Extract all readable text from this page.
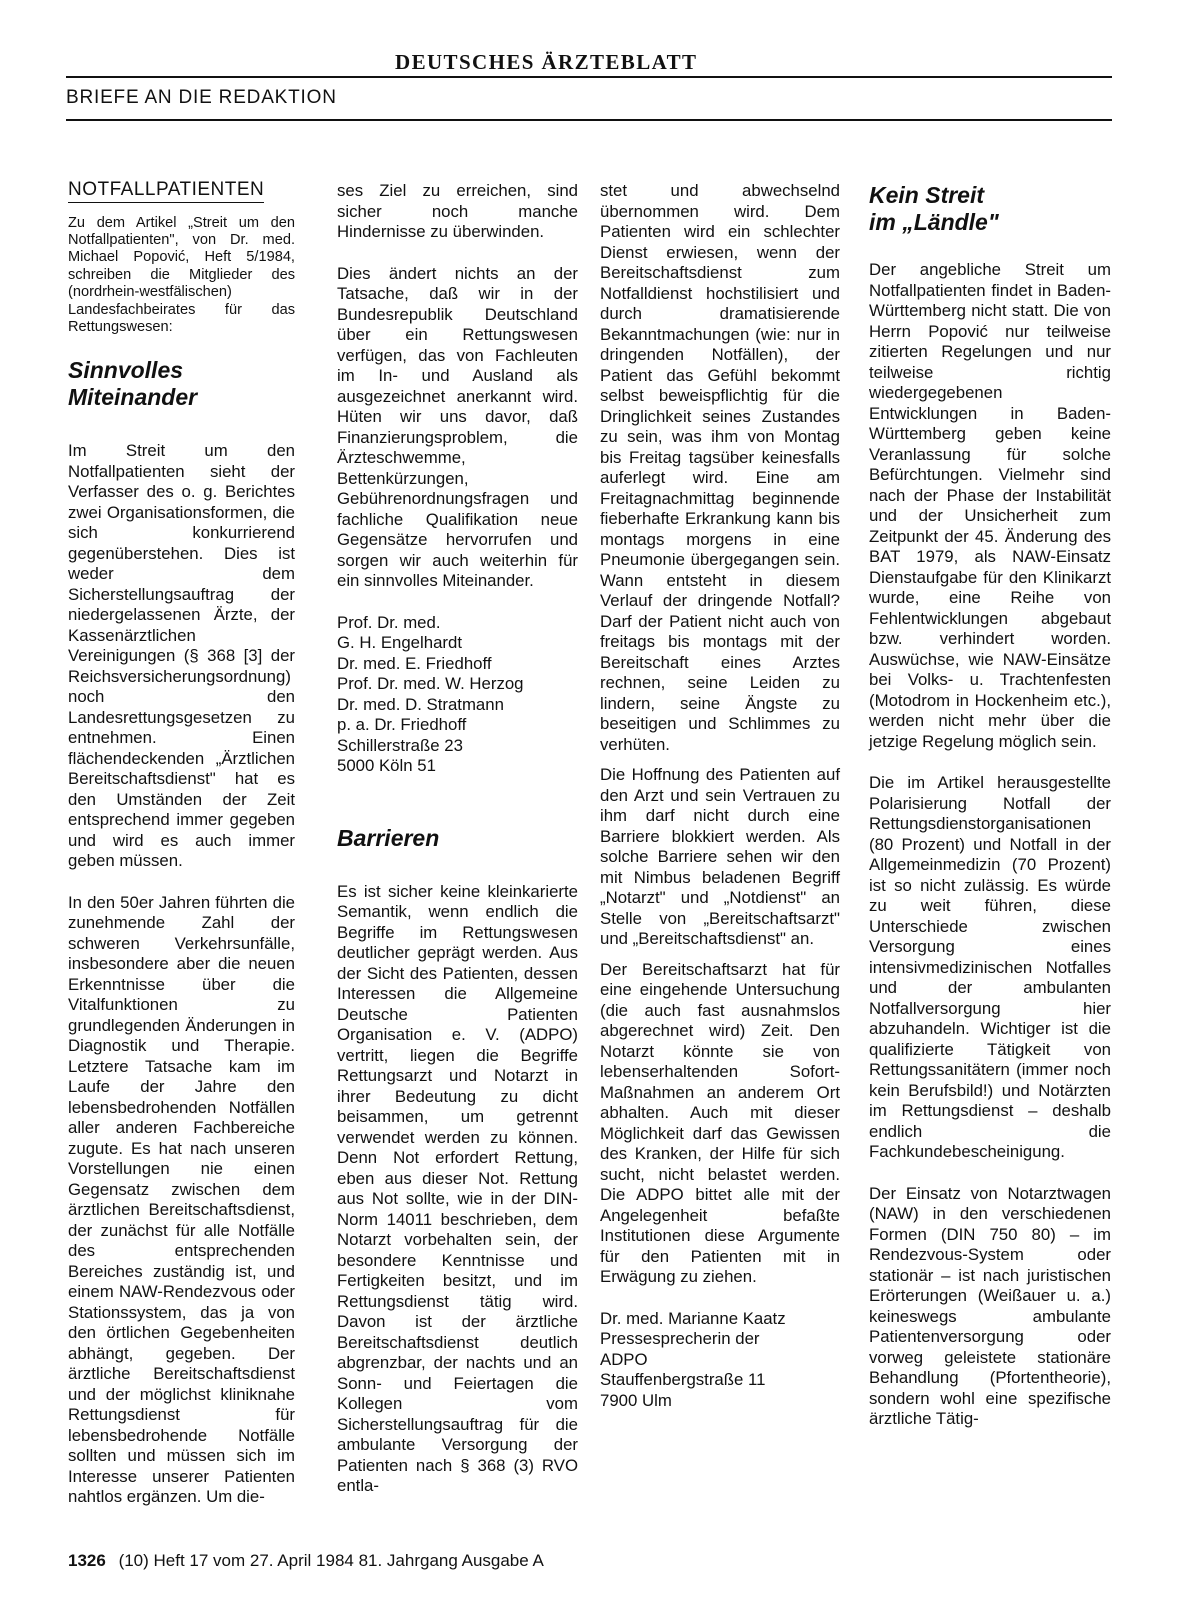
DEUTSCHES ÄRZTEBLATT
BRIEFE AN DIE REDAKTION
NOTFALLPATIENTEN

Zu dem Artikel „Streit um den Notfallpatienten", von Dr. med. Michael Popović, Heft 5/1984, schreiben die Mitglieder des (nordrhein-westfälischen) Landesfachbeirates für das Rettungswesen:

Sinnvolles Miteinander

Im Streit um den Notfallpatienten sieht der Verfasser des o. g. Berichtes zwei Organisationsformen, die sich konkurrierend gegenüberstehen. Dies ist weder dem Sicherstellungsauftrag der niedergelassenen Ärzte, der Kassenärztlichen Vereinigungen (§ 368 [3] der Reichsversicherungsordnung) noch den Landesrettungsgesetzen zu entnehmen. Einen flächendeckenden „Ärztlichen Bereitschaftsdienst" hat es den Umständen der Zeit entsprechend immer gegeben und wird es auch immer geben müssen.

In den 50er Jahren führten die zunehmende Zahl der schweren Verkehrsunfälle, insbesondere aber die neuen Erkenntnisse über die Vitalfunktionen zu grundlegenden Änderungen in Diagnostik und Therapie. Letztere Tatsache kam im Laufe der Jahre den lebensbedrohenden Notfällen aller anderen Fachbereiche zugute. Es hat nach unseren Vorstellungen nie einen Gegensatz zwischen dem ärztlichen Bereitschaftsdienst, der zunächst für alle Notfälle des entsprechenden Bereiches zuständig ist, und einem NAW-Rendezvous oder Stationssystem, das ja von den örtlichen Gegebenheiten abhängt, gegeben. Der ärztliche Bereitschaftsdienst und der möglichst kliniknahe Rettungsdienst für lebensbedrohende Notfälle sollten und müssen sich im Interesse unserer Patienten nahtlos ergänzen. Um die-

ses Ziel zu erreichen, sind sicher noch manche Hindernisse zu überwinden.

Dies ändert nichts an der Tatsache, daß wir in der Bundesrepublik Deutschland über ein Rettungswesen verfügen, das von Fachleuten im In- und Ausland als ausgezeichnet anerkannt wird. Hüten wir uns davor, daß Finanzierungsproblem, die Ärzteschwemme, Bettenkürzungen, Gebührenordnungsfragen und fachliche Qualifikation neue Gegensätze hervorrufen und sorgen wir auch weiterhin für ein sinnvolles Miteinander.

Prof. Dr. med.
G. H. Engelhardt
Dr. med. E. Friedhoff
Prof. Dr. med. W. Herzog
Dr. med. D. Stratmann
p. a. Dr. Friedhoff
Schillerstraße 23
5000 Köln 51

Barrieren

Es ist sicher keine kleinkarierte Semantik, wenn endlich die Begriffe im Rettungswesen deutlicher geprägt werden. Aus der Sicht des Patienten, dessen Interessen die Allgemeine Deutsche Patienten Organisation e. V. (ADPO) vertritt, liegen die Begriffe Rettungsarzt und Notarzt in ihrer Bedeutung zu dicht beisammen, um getrennt verwendet werden zu können. Denn Not erfordert Rettung, eben aus dieser Not. Rettung aus Not sollte, wie in der DIN-Norm 14011 beschrieben, dem Notarzt vorbehalten sein, der besondere Kenntnisse und Fertigkeiten besitzt, und im Rettungsdienst tätig wird. Davon ist der ärztliche Bereitschaftsdienst deutlich abgrenzbar, der nachts und an Sonn- und Feiertagen die Kollegen vom Sicherstellungsauftrag für die ambulante Versorgung der Patienten nach § 368 (3) RVO entla-

stet und abwechselnd übernommen wird. Dem Patienten wird ein schlechter Dienst erwiesen, wenn der Bereitschaftsdienst zum Notfalldienst hochstilisiert und durch dramatisierende Bekanntmachungen (wie: nur in dringenden Notfällen), der Patient das Gefühl bekommt selbst beweispflichtig für die Dringlichkeit seines Zustandes zu sein, was ihm von Montag bis Freitag tagsüber keinesfalls auferlegt wird. Eine am Freitagnachmittag beginnende fieberhafte Erkrankung kann bis montags morgens in eine Pneumonie übergegangen sein. Wann entsteht in diesem Verlauf der dringende Notfall? Darf der Patient nicht auch von freitags bis montags mit der Bereitschaft eines Arztes rechnen, seine Leiden zu lindern, seine Ängste zu beseitigen und Schlimmes zu verhüten.

Die Hoffnung des Patienten auf den Arzt und sein Vertrauen zu ihm darf nicht durch eine Barriere blokkiert werden. Als solche Barriere sehen wir den mit Nimbus beladenen Begriff „Notarzt" und „Notdienst" an Stelle von „Bereitschaftsarzt" und „Bereitschaftsdienst" an.

Der Bereitschaftsarzt hat für eine eingehende Untersuchung (die auch fast ausnahmslos abgerechnet wird) Zeit. Den Notarzt könnte sie von lebenserhaltenden Sofort-Maßnahmen an anderem Ort abhalten. Auch mit dieser Möglichkeit darf das Gewissen des Kranken, der Hilfe für sich sucht, nicht belastet werden. Die ADPO bittet alle mit der Angelegenheit befaßte Institutionen diese Argumente für den Patienten mit in Erwägung zu ziehen.

Dr. med. Marianne Kaatz
Pressesprecherin der
ADPO
Stauffenbergstraße 11
7900 Ulm

Kein Streit
im „Ländle"

Der angebliche Streit um Notfallpatienten findet in Baden-Württemberg nicht statt. Die von Herrn Popović nur teilweise zitierten Regelungen und nur teilweise richtig wiedergegebenen Entwicklungen in Baden-Württemberg geben keine Veranlassung für solche Befürchtungen. Vielmehr sind nach der Phase der Instabilität und der Unsicherheit zum Zeitpunkt der 45. Änderung des BAT 1979, als NAW-Einsatz Dienstaufgabe für den Klinikarzt wurde, eine Reihe von Fehlentwicklungen abgebaut bzw. verhindert worden. Auswüchse, wie NAW-Einsätze bei Volks- u. Trachtenfesten (Motodrom in Hockenheim etc.), werden nicht mehr über die jetzige Regelung möglich sein.

Die im Artikel herausgestellte Polarisierung Notfall der Rettungsdienstorganisationen (80 Prozent) und Notfall in der Allgemeinmedizin (70 Prozent) ist so nicht zulässig. Es würde zu weit führen, diese Unterschiede zwischen Versorgung eines intensivmedizinischen Notfalles und der ambulanten Notfallversorgung hier abzuhandeln. Wichtiger ist die qualifizierte Tätigkeit von Rettungssanitätern (immer noch kein Berufsbild!) und Notärzten im Rettungsdienst – deshalb endlich die Fachkundebescheinigung.

Der Einsatz von Notarztwagen (NAW) in den verschiedenen Formen (DIN 750 80) – im Rendezvous-System oder stationär – ist nach juristischen Erörterungen (Weißauer u. a.) keineswegs ambulante Patientenversorgung oder vorweg geleistete stationäre Behandlung (Pfortentheorie), sondern wohl eine spezifische ärztliche Tätig-

1326 (10) Heft 17 vom 27. April 1984 81. Jahrgang Ausgabe A
